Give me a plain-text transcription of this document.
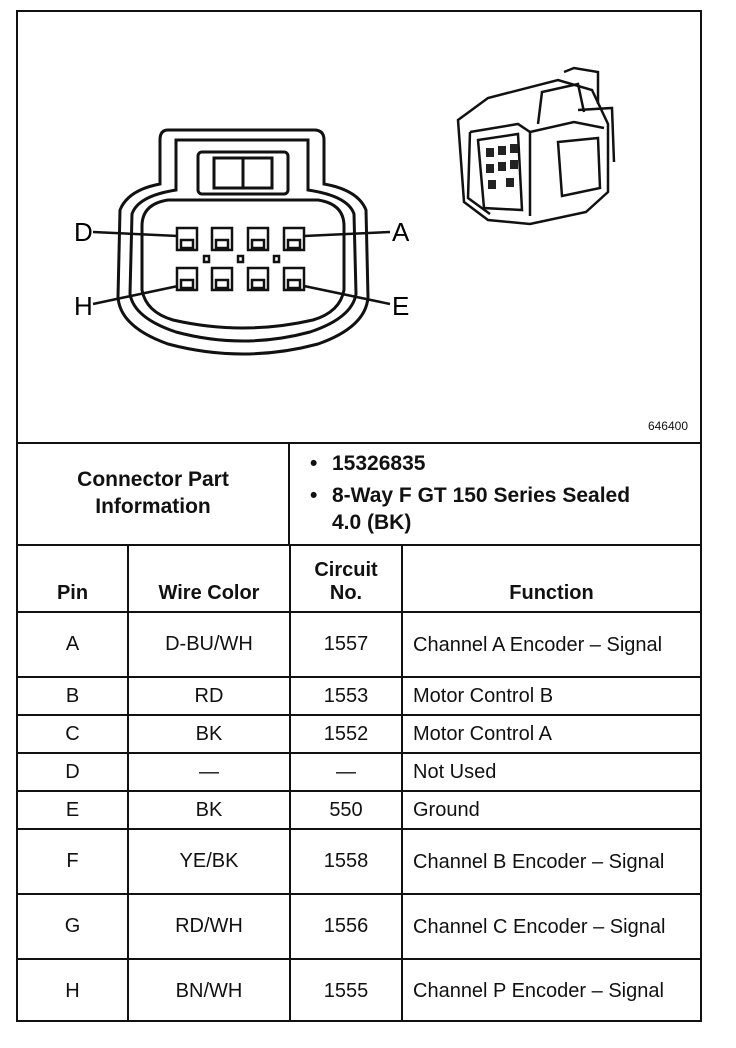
D	A
H	E
646400
Connector Part Information
• 15326835
• 8-Way F GT 150 Series Sealed 4.0 (BK)
Pin	Wire Color	Circuit No.	Function
A	D-BU/WH	1557	Channel A Encoder – Signal
B	RD	1553	Motor Control B
C	BK	1552	Motor Control A
D	—	—	Not Used
E	BK	550	Ground
F	YE/BK	1558	Channel B Encoder – Signal
G	RD/WH	1556	Channel C Encoder – Signal
H	BN/WH	1555	Channel P Encoder – Signal
